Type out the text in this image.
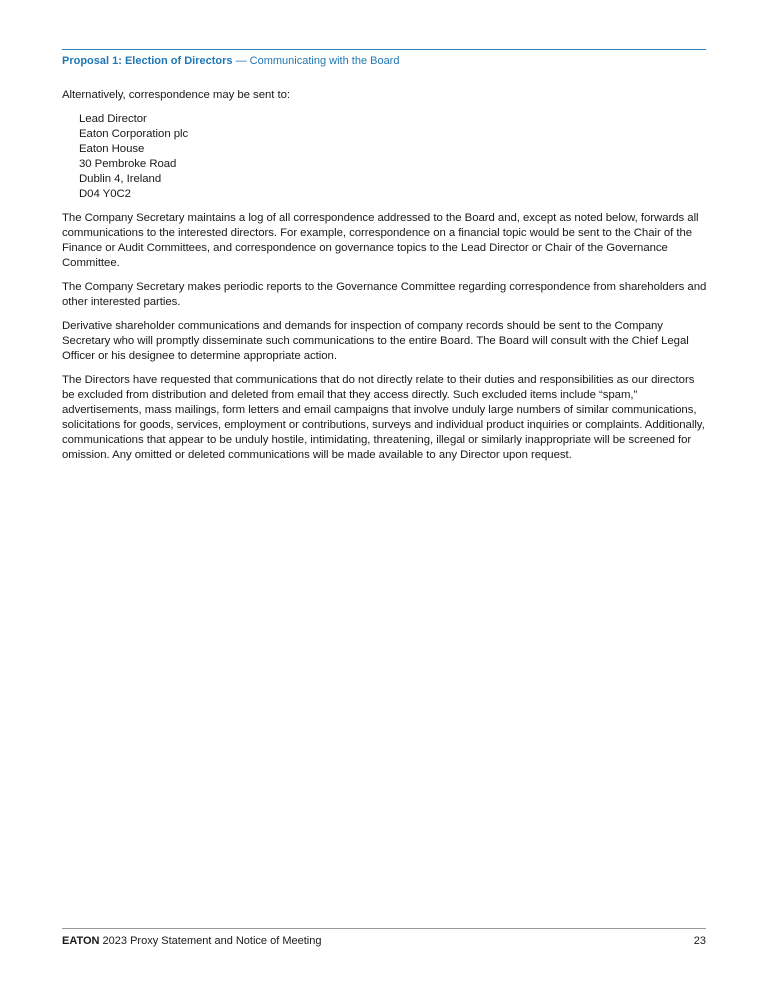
Proposal 1: Election of Directors — Communicating with the Board

Alternatively, correspondence may be sent to:

Lead Director
Eaton Corporation plc
Eaton House
30 Pembroke Road
Dublin 4, Ireland
D04 Y0C2

The Company Secretary maintains a log of all correspondence addressed to the Board and, except as noted below, forwards all communications to the interested directors. For example, correspondence on a financial topic would be sent to the Chair of the Finance or Audit Committees, and correspondence on governance topics to the Lead Director or Chair of the Governance Committee.

The Company Secretary makes periodic reports to the Governance Committee regarding correspondence from shareholders and other interested parties.

Derivative shareholder communications and demands for inspection of company records should be sent to the Company Secretary who will promptly disseminate such communications to the entire Board. The Board will consult with the Chief Legal Officer or his designee to determine appropriate action.

The Directors have requested that communications that do not directly relate to their duties and responsibilities as our directors be excluded from distribution and deleted from email that they access directly. Such excluded items include “spam,” advertisements, mass mailings, form letters and email campaigns that involve unduly large numbers of similar communications, solicitations for goods, services, employment or contributions, surveys and individual product inquiries or complaints. Additionally, communications that appear to be unduly hostile, intimidating, threatening, illegal or similarly inappropriate will be screened for omission. Any omitted or deleted communications will be made available to any Director upon request.

EATON 2023 Proxy Statement and Notice of Meeting	23
